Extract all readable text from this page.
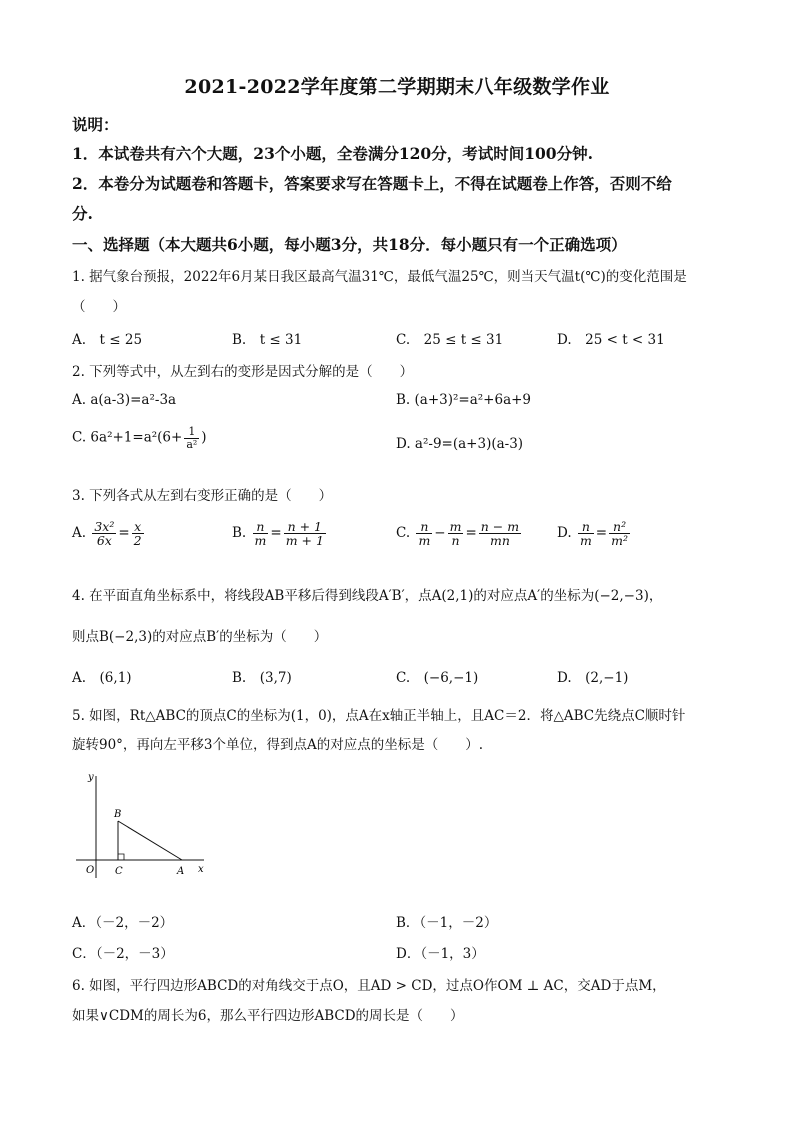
2021-2022学年度第二学期期末八年级数学作业
说明：
1．本试卷共有六个大题，23个小题，全卷满分120分，考试时间100分钟.
2．本卷分为试题卷和答题卡，答案要求写在答题卡上，不得在试题卷上作答，否则不给
分.
一、选择题（本大题共6小题，每小题3分，共18分．每小题只有一个正确选项）
1. 据气象台预报，2022年6月某日我区最高气温31℃，最低气温25℃，则当天气温t(℃)的变化范围是
（　　）
A.　t ≤ 25	B.　t ≤ 31	C.　25 ≤ t ≤ 31	D.　25 < t < 31
2. 下列等式中，从左到右的变形是因式分解的是（　　）
A. a(a-3)=a²-3a	B. (a+3)²=a²+6a+9
C. $6a^2+1=a^2(6+ \frac{1}{\text{a²}}$ )	D. a²-9=(a+3)(a-3)
3. 下列各式从左到右变形正确的是（　　）
A. $\frac{\text{3x²}}{6x} = \frac{x}{2}$	B. $\frac{n}{m} = \frac{n + 1}{m + 1}$	C. $\frac{n}{m} - \frac{m}{n} = \frac{n - m}{mn}$	D. $\frac{n}{m} = \frac{\text{n²}}{\text{m²}}$
4. 在平面直角坐标系中，将线段AB平移后得到线段A′B′，点A(2,1)的对应点A′的坐标为(−2,−3)，
则点B(−2,3)的对应点B′的坐标为（　　）
A.　(6,1)	B.　(3,7)	C.　(−6,−1)	D.　(2,−1)
5. 如图，Rt△ABC的顶点C的坐标为(1，0)，点A在x轴正半轴上，且AC＝2．将△ABC先绕点C顺时针
旋转90°，再向左平移3个单位，得到点A的对应点的坐标是（　　）.
y
x
O
B
C	A
A．（－2，－2）	B．（－1，－2）
C．（－2，－3）	D．（－1，3）
6. 如图，平行四边形ABCD的对角线交于点O，且AD > CD，过点O作OM ⊥ AC，交AD于点M，
如果∨CDM的周长为6，那么平行四边形ABCD的周长是（　　）
